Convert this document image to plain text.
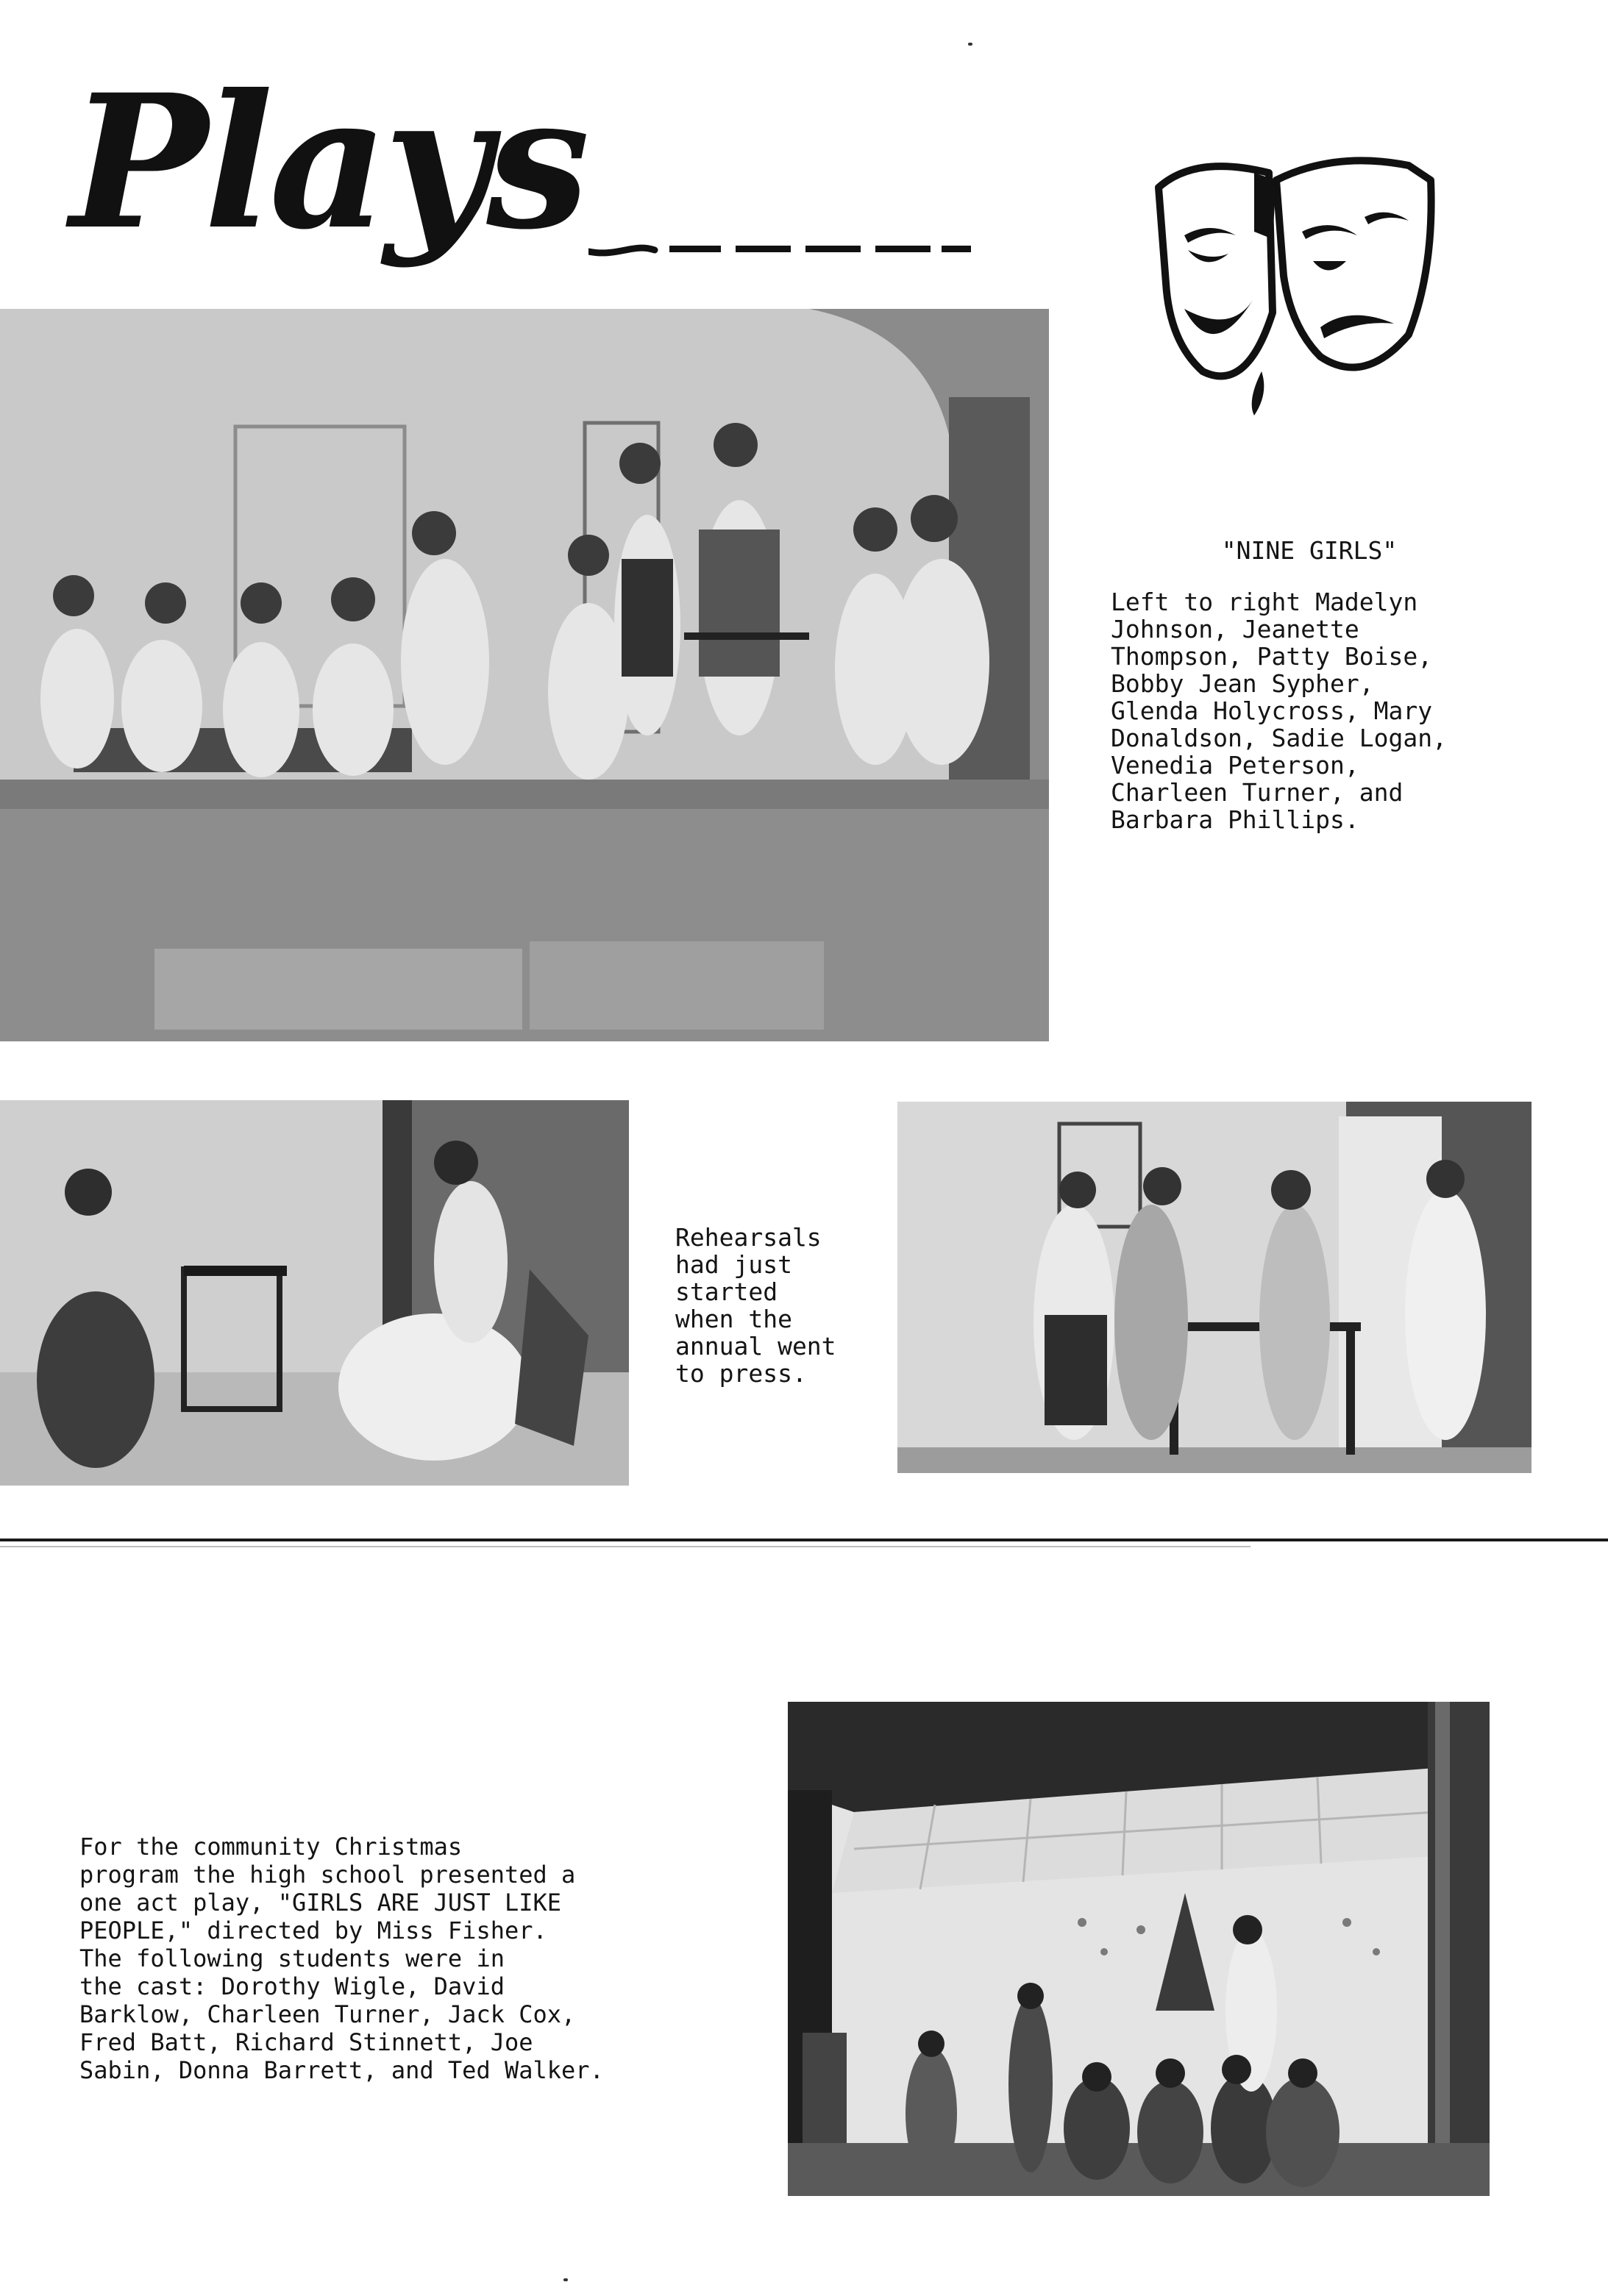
Plays
"NINE GIRLS"
Left to right Madelyn
Johnson, Jeanette
Thompson, Patty Boise,
Bobby Jean Sypher,
Glenda Holycross, Mary
Donaldson, Sadie Logan,
Venedia Peterson,
Charleen Turner, and
Barbara Phillips.
Rehearsals
had just
started
when the
annual went
to press.
For the community Christmas
program the high school presented a
one act play, "GIRLS ARE JUST LIKE
PEOPLE," directed by Miss Fisher.
The following students were in
the cast: Dorothy Wigle, David
Barklow, Charleen Turner, Jack Cox,
Fred Batt, Richard Stinnett, Joe
Sabin, Donna Barrett, and Ted Walker.
